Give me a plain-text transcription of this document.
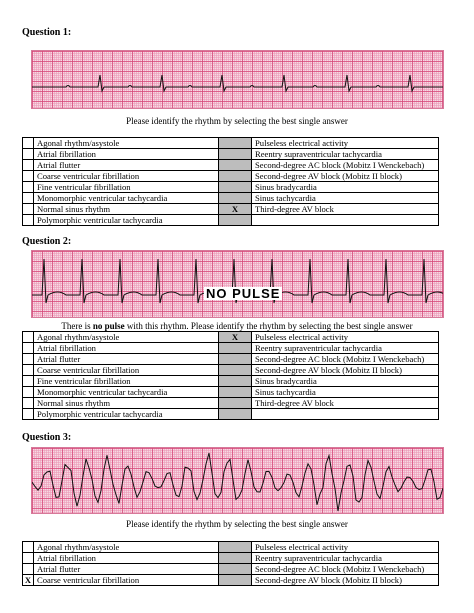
Question 1:
Please identify the rhythm by selecting the best single answer
	Agonal rhythm/asystole		Pulseless electrical activity
	Atrial fibrillation		Reentry supraventricular tachycardia
	Atrial flutter		Second-degree AC block (Mobitz I Wenckebach)
	Coarse ventricular fibrillation		Second-degree AV block (Mobitz II block)
	Fine ventricular fibrillation		Sinus bradycardia
	Monomorphic ventricular tachycardia		Sinus tachycardia
	Normal sinus rhythm	X	Third-degree AV block
	Polymorphic ventricular tachycardia		
Question 2:
NO PULSE
There is no pulse with this rhythm. Please identify the rhythm by selecting the best single answer
	Agonal rhythm/asystole	X	Pulseless electrical activity
	Atrial fibrillation		Reentry supraventricular tachycardia
	Atrial flutter		Second-degree AC block (Mobitz I Wenckebach)
	Coarse ventricular fibrillation		Second-degree AV block (Mobitz II block)
	Fine ventricular fibrillation		Sinus bradycardia
	Monomorphic ventricular tachycardia		Sinus tachycardia
	Normal sinus rhythm		Third-degree AV block
	Polymorphic ventricular tachycardia		
Question 3:
Please identify the rhythm by selecting the best single answer
	Agonal rhythm/asystole		Pulseless electrical activity
	Atrial fibrillation		Reentry supraventricular tachycardia
	Atrial flutter		Second-degree AC block (Mobitz I Wenckebach)
X	Coarse ventricular fibrillation		Second-degree AV block (Mobitz II block)
